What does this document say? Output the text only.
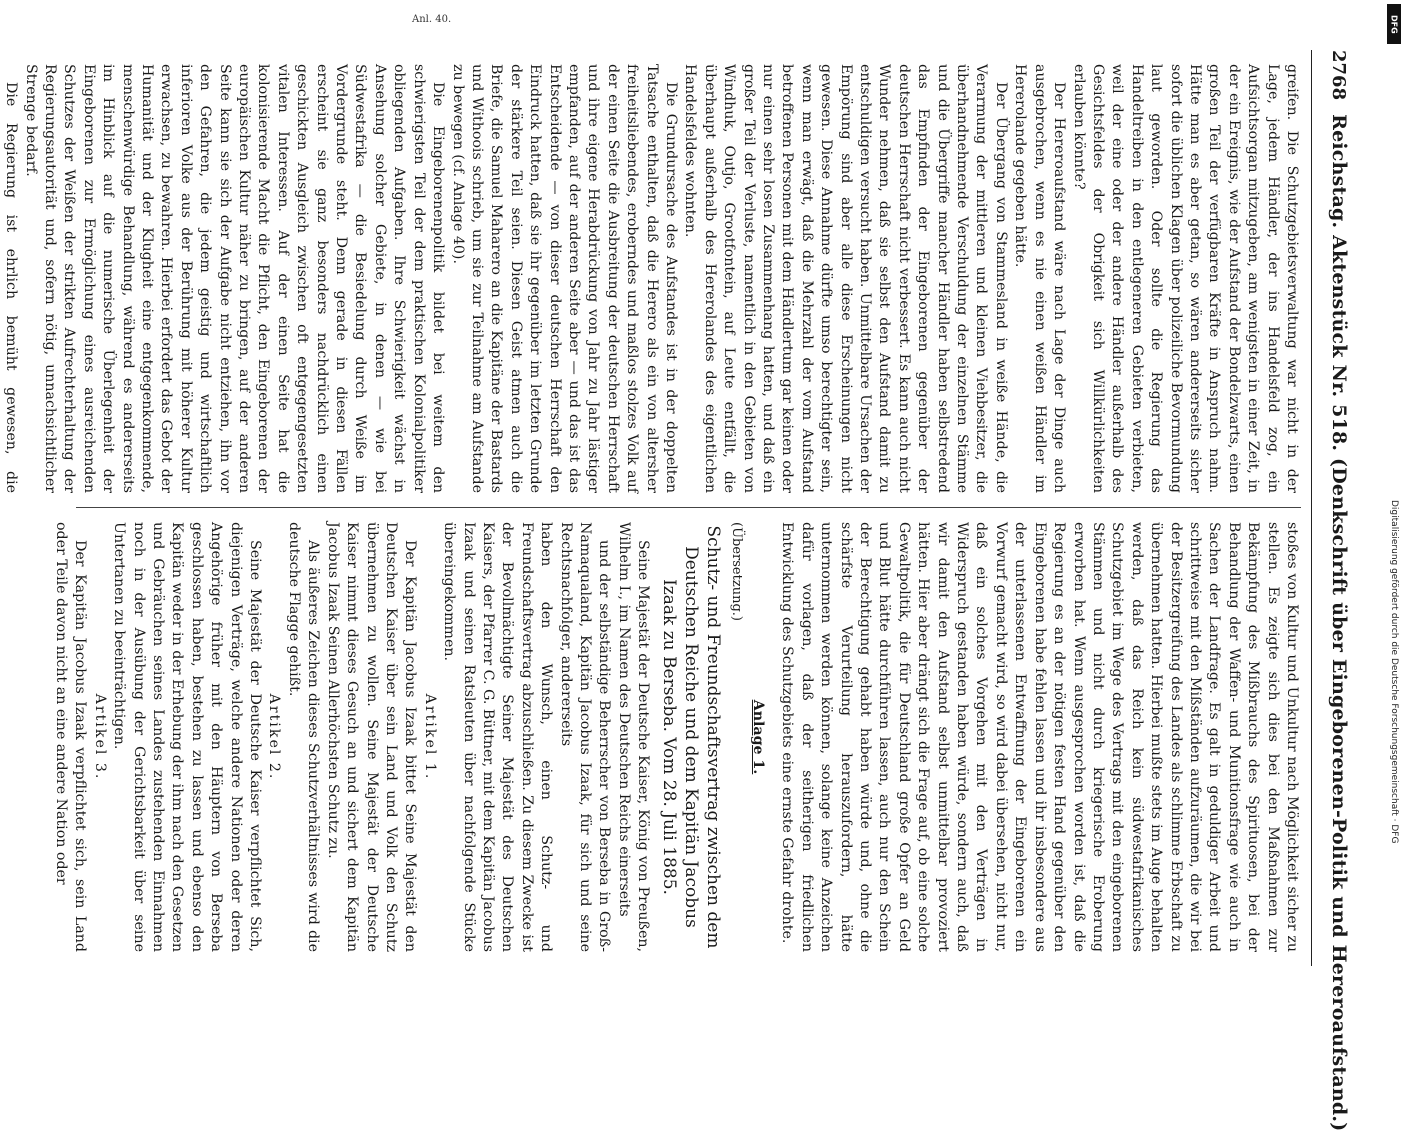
2768
Reichstag. Aktenstück Nr. 518. (Denkschrift über Eingeborenen-Politik und Hereroaufstand.)

greifen. Die Schutzgebietsverwaltung war nicht in der Lage, jedem Händler, der ins Handelsfeld zog, ein Aufsichtsorgan mitzugeben, am wenigsten in einer Zeit, in der ein Ereignis, wie der Aufstand der Bondelzwarts, einen großen Teil der verfügbaren Kräfte in Anspruch nahm. Hätte man es aber getan, so wären andererseits sicher sofort die üblichen Klagen über polizeiliche Bevormundung laut geworden. Oder sollte die Regierung das Handeltreiben in den entlegeneren Gebieten verbieten, weil der eine oder der andere Händler außerhalb des Gesichtsfeldes der Obrigkeit sich Willkürlichkeiten erlauben könnte?

Der Hereroaufstand wäre nach Lage der Dinge auch ausgebrochen, wenn es nie einen weißen Händler im Hererolande gegeben hätte.

Der Übergang von Stammesland in weiße Hände, die Verarmung der mittleren und kleinen Viehbesitzer, die überhandnehmende Verschuldung der einzelnen Stämme und die Übergriffe mancher Händler haben selbstredend das Empfinden der Eingeborenen gegenüber der deutschen Herrschaft nicht verbessert. Es kann auch nicht Wunder nehmen, daß sie selbst den Aufstand damit zu entschuldigen versucht haben. Unmittelbare Ursachen der Empörung sind aber alle diese Erscheinungen nicht gewesen. Diese Annahme dürfte umso berechtigter sein, wenn man erwägt, daß die Mehrzahl der vom Aufstand betroffenen Personen mit dem Händlertum gar keinen oder nur einen sehr losen Zusammenhang hatten, und daß ein großer Teil der Verluste, namentlich in den Gebieten von Windhuk, Outjo, Grootfontein, auf Leute entfällt, die überhaupt außerhalb des Hererolandes des eigentlichen Handelsfeldes wohnten.

Die Grundursache des Aufstandes ist in der doppelten Tatsache enthalten, daß die Herero als ein von altersher freiheitsliebendes, eroberndes und maßlos stolzes Volk auf der einen Seite die Ausbreitung der deutschen Herrschaft und ihre eigene Herabdrückung von Jahr zu Jahr lästiger empfanden, auf der anderen Seite aber — und das ist das Entscheidende — von dieser deutschen Herrschaft den Eindruck hatten, daß sie ihr gegenüber im letzten Grunde der stärkere Teil seien. Diesen Geist atmen auch die Briefe, die Samuel Maharero an die Kapitäne der Bastards und Withoois schrieb, um sie zur Teilnahme am Aufstande zu bewegen (cf. Anlage 40).

Die Eingeborenenpolitik bildet bei weitem den schwierigsten Teil der dem praktischen Kolonialpolitiker obliegenden Aufgaben. Ihre Schwierigkeit wächst in Ansehung solcher Gebiete, in denen — wie bei Südwestafrika — die Besiedelung durch Weiße im Vordergrunde steht. Denn gerade in diesen Fällen erscheint sie ganz besonders nachdrücklich einen geschickten Ausgleich zwischen oft entgegengesetzten vitalen Interessen. Auf der einen Seite hat die kolonisierende Macht die Pflicht, den Eingeborenen der europäischen Kultur näher zu bringen, auf der anderen Seite kann sie sich der Aufgabe nicht entziehen, ihn vor den Gefahren, die jedem geistig und wirtschaftlich inferioren Volke aus der Berührung mit höherer Kultur erwachsen, zu bewahren. Hierbei erfordert das Gebot der Humanität und der Klugheit eine entgegenkommende, menschenwürdige Behandlung, während es andererseits im Hinblick auf die numerische Überlegenheit der Eingeborenen zur Ermöglichung eines ausreichenden Schutzes der Weißen der strikten Aufrechterhaltung der Regierungsautorität und, sofern nötig, unnachsichtlicher Strenge bedarf.

Die Regierung ist ehrlich bemüht gewesen, die

stoßes von Kultur und Unkultur nach Möglichkeit sicher zu stellen. Es zeigte sich dies bei den Maßnahmen zur Bekämpfung des Mißbrauchs des Spirituosen, bei der Behandlung der Waffen- und Munitionsfrage wie auch in Sachen der Landfrage. Es galt in geduldiger Arbeit und schrittweise mit den Mißständen aufzuräumen, die wir bei der Besitzergreifung des Landes als schlimme Erbschaft zu übernehmen hatten. Hierbei mußte stets im Auge behalten werden, daß das Reich kein südwestafrikanisches Schutzgebiet im Wege des Vertrags mit den eingeborenen Stämmen und nicht durch kriegerische Eroberung erworben hat. Wenn ausgesprochen worden ist, daß die Regierung es an der nötigen festen Hand gegenüber den Eingeborenen habe fehlen lassen und ihr insbesondere aus der unterlassenen Entwaffnung der Eingeborenen ein Vorwurf gemacht wird, so wird dabei übersehen, nicht nur, daß ein solches Vorgehen mit den Verträgen in Widerspruch gestanden haben würde, sondern auch, daß wir damit den Aufstand selbst unmittelbar provoziert hätten. Hier aber drängt sich die Frage auf, ob eine solche Gewaltpolitik, die für Deutschland große Opfer an Geld und Blut hätte durchführen lassen, auch nur den Schein der Berechtigung gehabt haben würde und, ohne die schärfste Verurteilung herauszufordern, hätte unternommen werden können, solange keine Anzeichen dafür vorlagen, daß der seitherigen friedlichen Entwicklung des Schutzgebiets eine ernste Gefahr drohte.

Anlage 1.

(Übersetzung.)

Schutz- und Freundschaftsvertrag zwischen dem Deutschen Reiche und dem Kapitän Jacobus Izaak zu Berseba. Vom 28. Juli 1885.

Seine Majestät der Deutsche Kaiser, König von Preußen, Wilhelm I., im Namen des Deutschen Reichs einerseits

und der selbständige Beherrscher von Berseba in Groß-Namaqualand, Kapitän Jacobus Izaak, für sich und seine Rechtsnachfolger, andererseits

haben den Wunsch, einen Schutz- und Freundschaftsvertrag abzuschließen. Zu diesem Zwecke ist der Bevollmächtigte Seiner Majestät des Deutschen Kaisers, der Pfarrer C. G. Büttner, mit dem Kapitän Jacobus Izaak und seinen Ratsleuten über nachfolgende Stücke übereingekommen.

Artikel 1.

Der Kapitän Jacobus Izaak bittet Seine Majestät den Deutschen Kaiser über sein Land und Volk den Schutz übernehmen zu wollen. Seine Majestät der Deutsche Kaiser nimmt dieses Gesuch an und sichert dem Kapitän Jacobus Izaak Seinen Allerhöchsten Schutz zu.

Als äußeres Zeichen dieses Schutzverhältnisses wird die deutsche Flagge gehißt.

Artikel 2.

Seine Majestät der Deutsche Kaiser verpflichtet Sich, diejenigen Verträge, welche andere Nationen oder deren Angehörige früher mit den Häuptern von Berseba geschlossen haben, bestehen zu lassen und ebenso den Kapitän weder in der Erhebung der ihm nach den Gesetzen und Gebräuchen seines Landes zustehenden Einnahmen noch in der Ausübung der Gerichtsbarkeit über seine Untertanen zu beeinträchtigen.

Artikel 3.

Der Kapitän Jacobus Izaak verpflichtet sich, sein Land oder Teile davon nicht an eine andere Nation oder

Anl. 40.	DFG
Digitalisierung gefördert durch die Deutsche Forschungsgemeinschaft · DFG
